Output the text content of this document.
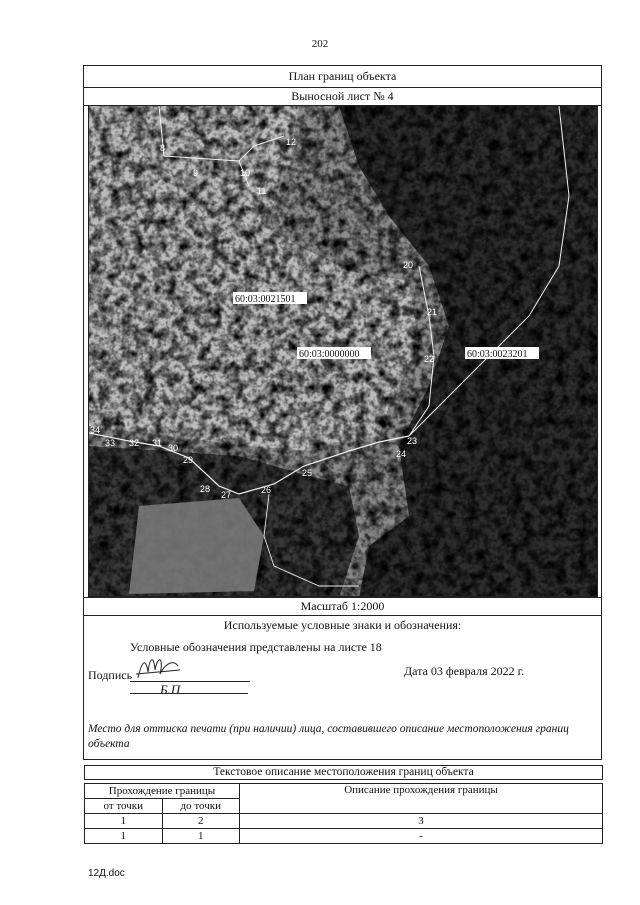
202
План границ объекта
Выносной лист № 4
60:03:0021501
60:03:0000000	60:03:0023201
8
9	10
11
12
20
21
22
23
24
25
26
27
28
29
30
31
32
33
34
Масштаб 1:2000
Используемые условные знаки и обозначения:
Условные обозначения представлены на листе 18
Подпись
Б.П
Дата 03 февраля 2022 г.
Место для оттиска печати (при наличии) лица, составившего описание местоположения границ объекта
Текстовое описание местоположения границ объекта
Прохождение границы		Описание прохождения границы
от точки	до точки	
1	2	3
1	1	-
12Д.doc
